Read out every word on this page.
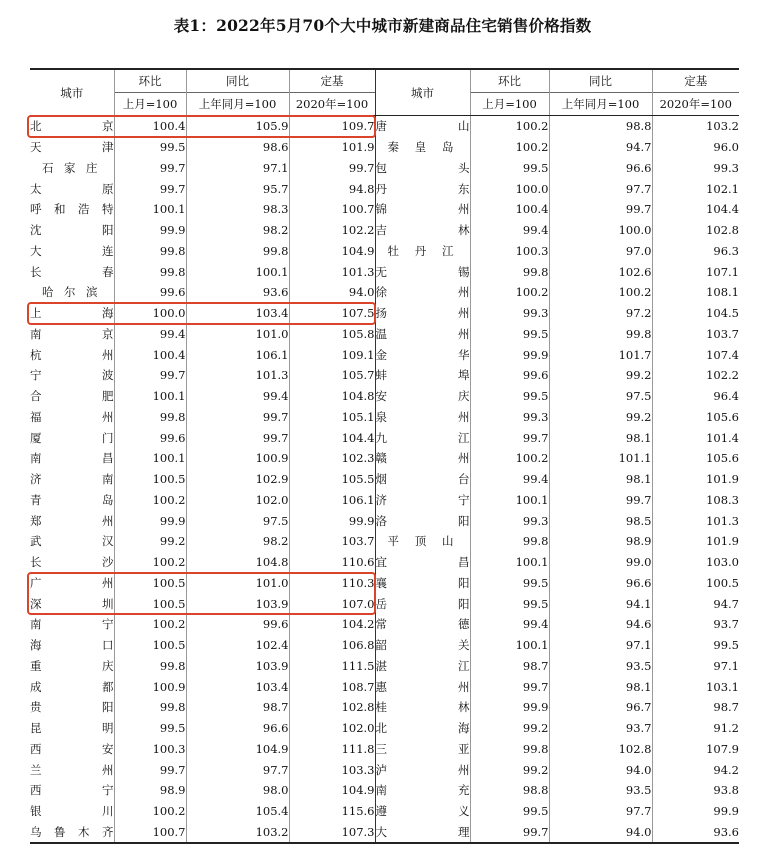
表1：2022年5月70个大中城市新建商品住宅销售价格指数
城市	环比	同比	定基	城市	环比	同比	定基
	上月=100	上年同月=100	2020年=100		上月=100	上年同月=100	2020年=100
北　　京	100.4	105.9	109.7	唐　　山	100.2	98.8	103.2
天　　津	99.5	98.6	101.9	秦皇岛	100.2	94.7	96.0
石家庄	99.7	97.1	99.7	包　　头	99.5	96.6	99.3
太　　原	99.7	95.7	94.8	丹　　东	100.0	97.7	102.1
呼和浩特	100.1	98.3	100.7	锦　　州	100.4	99.7	104.4
沈　　阳	99.9	98.2	102.2	吉　　林	99.4	100.0	102.8
大　　连	99.8	99.8	104.9	牡丹江	100.3	97.0	96.3
长　　春	99.8	100.1	101.3	无　　锡	99.8	102.6	107.1
哈尔滨	99.6	93.6	94.0	徐　　州	100.2	100.2	108.1
上　　海	100.0	103.4	107.5	扬　　州	99.3	97.2	104.5
南　　京	99.4	101.0	105.8	温　　州	99.5	99.8	103.7
杭　　州	100.4	106.1	109.1	金　　华	99.9	101.7	107.4
宁　　波	99.7	101.3	105.7	蚌　　埠	99.6	99.2	102.2
合　　肥	100.1	99.4	104.8	安　　庆	99.5	97.5	96.4
福　　州	99.8	99.7	105.1	泉　　州	99.3	99.2	105.6
厦　　门	99.6	99.7	104.4	九　　江	99.7	98.1	101.4
南　　昌	100.1	100.9	102.3	赣　　州	100.2	101.1	105.6
济　　南	100.5	102.9	105.5	烟　　台	99.4	98.1	101.9
青　　岛	100.2	102.0	106.1	济　　宁	100.1	99.7	108.3
郑　　州	99.9	97.5	99.9	洛　　阳	99.3	98.5	101.3
武　　汉	99.2	98.2	103.7	平顶山	99.8	98.9	101.9
长　　沙	100.2	104.8	110.6	宜　　昌	100.1	99.0	103.0
广　　州	100.5	101.0	110.3	襄　　阳	99.5	96.6	100.5
深　　圳	100.5	103.9	107.0	岳　　阳	99.5	94.1	94.7
南　　宁	100.2	99.6	104.2	常　　德	99.4	94.6	93.7
海　　口	100.5	102.4	106.8	韶　　关	100.1	97.1	99.5
重　　庆	99.8	103.9	111.5	湛　　江	98.7	93.5	97.1
成　　都	100.9	103.4	108.7	惠　　州	99.7	98.1	103.1
贵　　阳	99.8	98.7	102.8	桂　　林	99.9	96.7	98.7
昆　　明	99.5	96.6	102.0	北　　海	99.2	93.7	91.2
西　　安	100.3	104.9	111.8	三　　亚	99.8	102.8	107.9
兰　　州	99.7	97.7	103.3	泸　　州	99.2	94.0	94.2
西　　宁	98.9	98.0	104.9	南　　充	98.8	93.5	93.8
银　　川	100.2	105.4	115.6	遵　　义	99.5	97.7	99.9
乌鲁木齐	100.7	103.2	107.3	大　　理	99.7	94.0	93.6
